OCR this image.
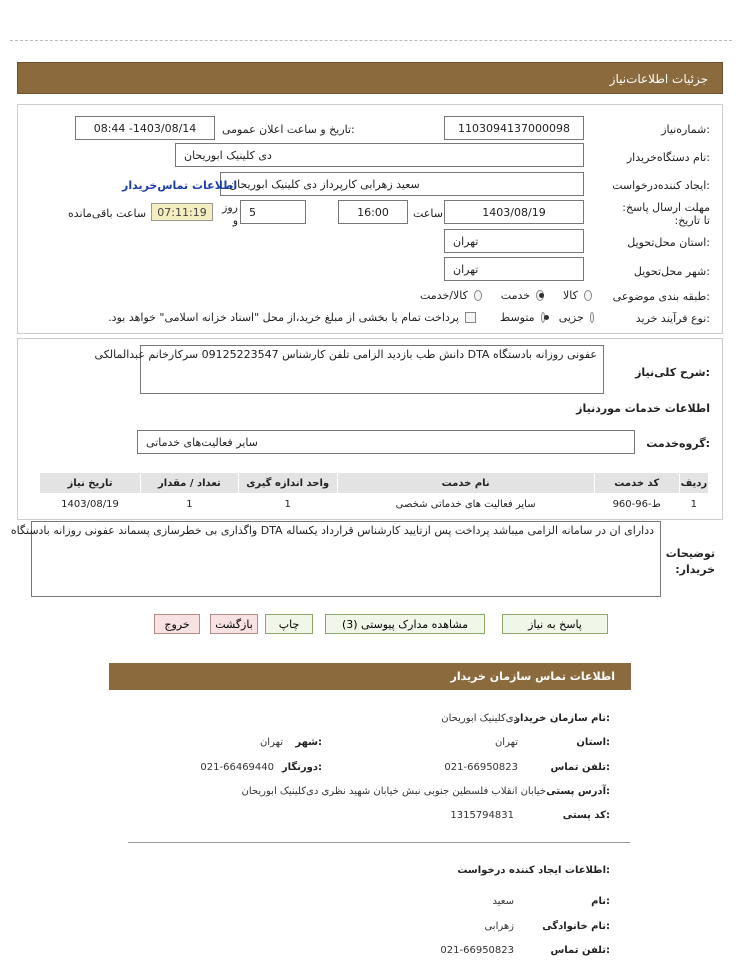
جزئیات اطلاعات‌نیاز
شماره‌نیاز:
1103094137000098
تاریخ و ساعت اعلان عمومی:
1403/08/14- 08:44
نام دستگاه‌خریدار:
دی کلینیک ابوریحان
ایجاد کننده‌درخواست:
سعید زهرابی کارپرداز دی کلینیک ابوریحان
اطلاعات تماس‌خریدار
مهلت ارسال پاسخ: تا تاریخ:
1403/08/19
ساعت
16:00
5
روز و
07:11:19
ساعت باقی‌مانده
استان محل‌تحویل:
تهران
شهر محل‌تحویل:
تهران
طبقه بندی موضوعی:
کالا
خدمت
کالا/خدمت
نوع فرآیند خرید:
جزیی
متوسط
پرداخت تمام یا بخشی از مبلغ خرید،از محل "اسناد خزانه اسلامی" خواهد بود.
شرح کلی‌نیاز:
عفونی روزانه بادستگاه DTA دانش طب بازدید الزامی تلفن کارشناس 09125223547 سرکارخانم عبدالمالکی
اطلاعات خدمات موردنیاز
گروه‌خدمت:
سایر فعالیت‌های خدماتی
ردیف	کد خدمت	نام خدمت	واحد اندازه گیری	تعداد / مقدار	تاریخ نیاز
1	ط-96-960	سایر فعالیت های خدماتی شخصی	1	1	1403/08/19
ددارای ان در سامانه الزامی میباشد پرداخت پس ازتایید کارشناس قرارداد یکساله DTA واگذاری بی خطرسازی پسماند عفونی روزانه بادستگاه
توضیحات خریدار:
پاسخ به نیاز
مشاهده مدارک پیوستی (3)
چاپ
بازگشت
خروج
اطلاعات تماس سازمان خریدار
نام سازمان خریدار:
دی‌کلینیک ابوریحان
استان:
تهران
شهر:
تهران
تلفن تماس:
021-66950823
دورنگار:
021-66469440
آدرس پستی:
خیابان انقلاب فلسطین جنوبی نبش خیابان شهید نظری دی‌کلینیک ابوریحان
کد پستی:
1315794831
اطلاعات ایجاد کننده درخواست:
نام:
سعید
نام خانوادگی:
زهرابی
تلفن تماس:
021-66950823
